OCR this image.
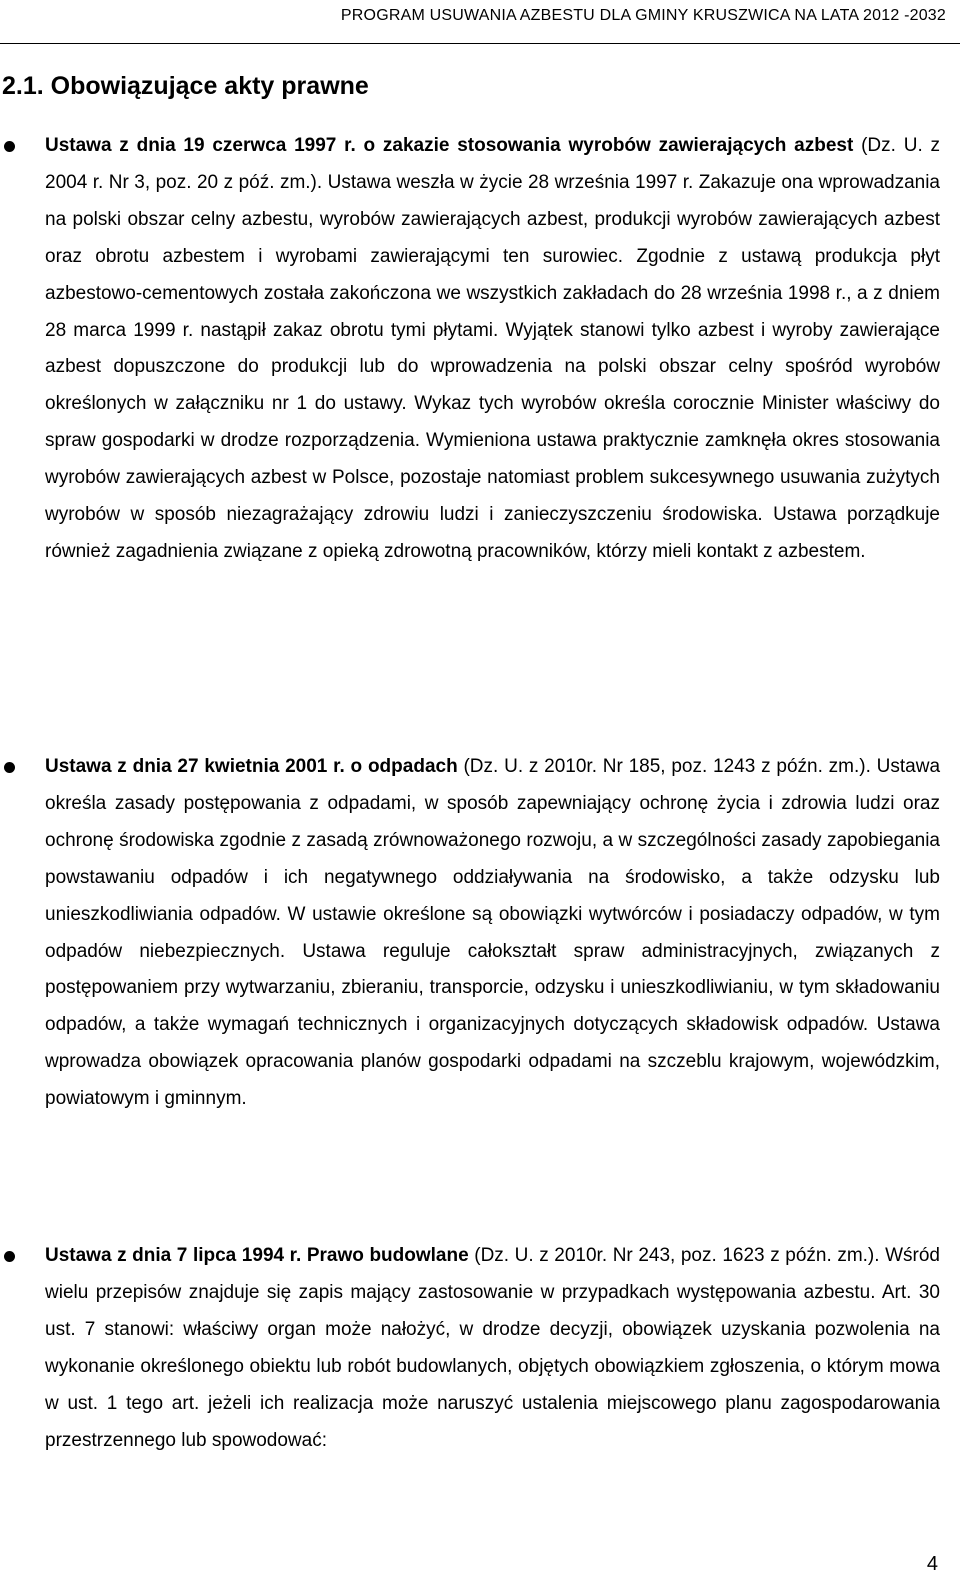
PROGRAM USUWANIA AZBESTU DLA GMINY KRUSZWICA NA LATA 2012 -2032
2.1. Obowiązujące akty prawne
Ustawa z dnia 19 czerwca 1997 r. o zakazie stosowania wyrobów zawierających azbest (Dz. U. z 2004 r. Nr 3, poz. 20 z póź. zm.). Ustawa weszła w życie 28 września 1997 r. Zakazuje ona wprowadzania na polski obszar celny azbestu, wyrobów zawierających azbest, produkcji wyrobów zawierających azbest oraz obrotu azbestem i wyrobami zawierającymi ten surowiec. Zgodnie z ustawą produkcja płyt azbestowo-cementowych została zakończona we wszystkich zakładach do 28 września 1998 r., a z dniem 28 marca 1999 r. nastąpił zakaz obrotu tymi płytami. Wyjątek stanowi tylko azbest i wyroby zawierające azbest dopuszczone do produkcji lub do wprowadzenia na polski obszar celny spośród wyrobów określonych w załączniku nr 1 do ustawy. Wykaz tych wyrobów określa corocznie Minister właściwy do spraw gospodarki w drodze rozporządzenia. Wymieniona ustawa praktycznie zamknęła okres stosowania wyrobów zawierających azbest w Polsce, pozostaje natomiast problem sukcesywnego usuwania zużytych wyrobów w sposób niezagrażający zdrowiu ludzi i zanieczyszczeniu środowiska. Ustawa porządkuje również zagadnienia związane z opieką zdrowotną pracowników, którzy mieli kontakt z azbestem.
Ustawa z dnia 27 kwietnia 2001 r. o odpadach (Dz. U. z 2010r. Nr 185, poz. 1243 z późn. zm.). Ustawa określa zasady postępowania z odpadami, w sposób zapewniający ochronę życia i zdrowia ludzi oraz ochronę środowiska zgodnie z zasadą zrównoważonego rozwoju, a w szczególności zasady zapobiegania powstawaniu odpadów i ich negatywnego oddziaływania na środowisko, a także odzysku lub unieszkodliwiania odpadów. W ustawie określone są obowiązki wytwórców i posiadaczy odpadów, w tym odpadów niebezpiecznych. Ustawa reguluje całokształt spraw administracyjnych, związanych z postępowaniem przy wytwarzaniu, zbieraniu, transporcie, odzysku i unieszkodliwianiu, w tym składowaniu odpadów, a także wymagań technicznych i organizacyjnych dotyczących składowisk odpadów. Ustawa wprowadza obowiązek opracowania planów gospodarki odpadami na szczeblu krajowym, wojewódzkim, powiatowym i gminnym.
Ustawa z dnia 7 lipca 1994 r. Prawo budowlane (Dz. U. z 2010r. Nr 243, poz. 1623 z późn. zm.). Wśród wielu przepisów znajduje się zapis mający zastosowanie w przypadkach występowania azbestu. Art. 30 ust. 7 stanowi: właściwy organ może nałożyć, w drodze decyzji, obowiązek uzyskania pozwolenia na wykonanie określonego obiektu lub robót budowlanych, objętych obowiązkiem zgłoszenia, o którym mowa w ust. 1 tego art. jeżeli ich realizacja może naruszyć ustalenia miejscowego planu zagospodarowania przestrzennego lub spowodować:
4
